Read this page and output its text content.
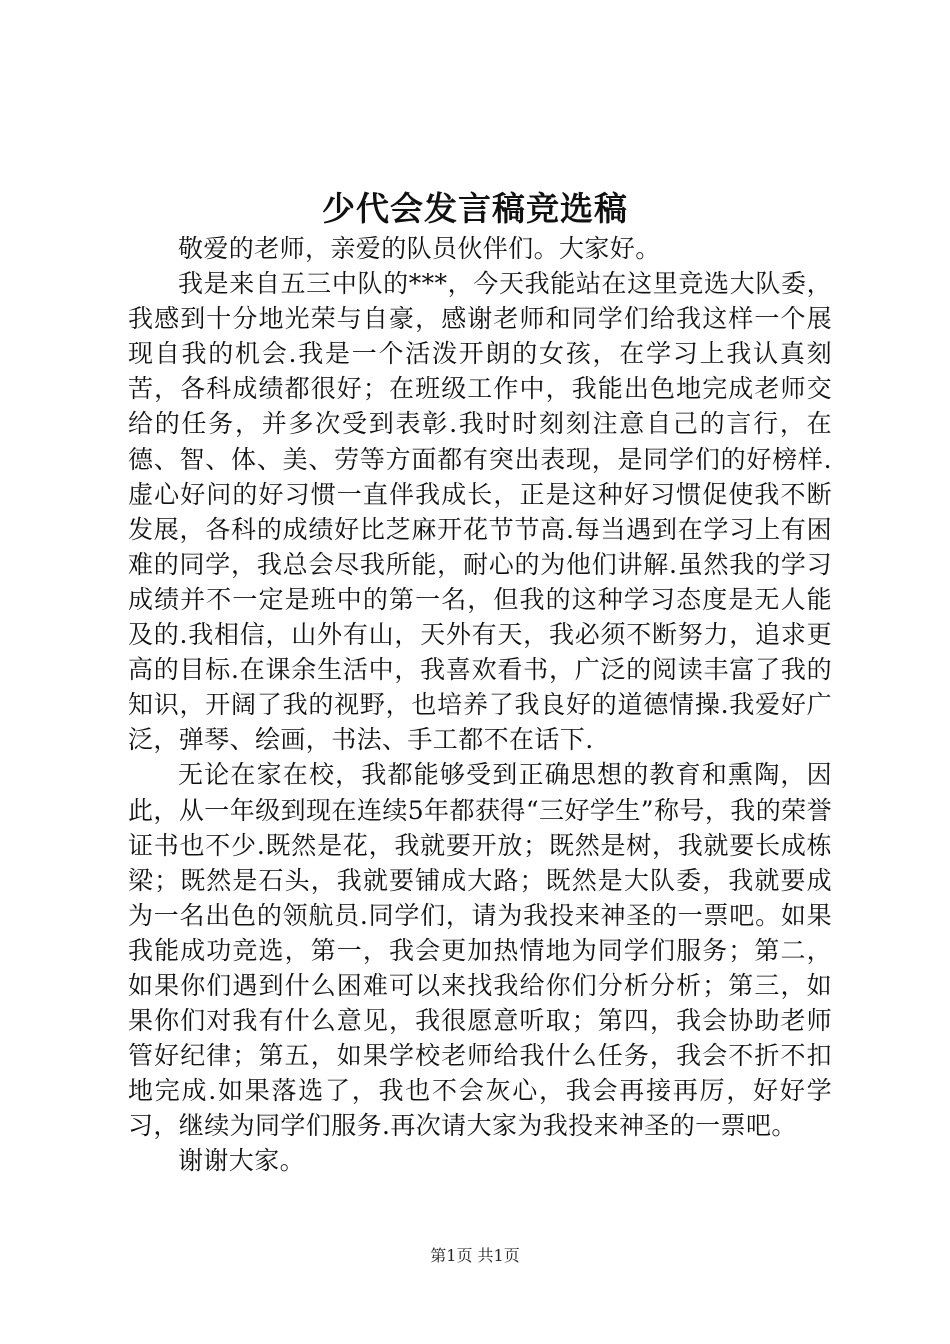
少代会发言稿竞选稿

敬爱的老师，亲爱的队员伙伴们。大家好。

我是来自五三中队的***，今天我能站在这里竞选大队委，我感到十分地光荣与自豪，感谢老师和同学们给我这样一个展现自我的机会.我是一个活泼开朗的女孩，在学习上我认真刻苦，各科成绩都很好；在班级工作中，我能出色地完成老师交给的任务，并多次受到表彰.我时时刻刻注意自己的言行，在德、智、体、美、劳等方面都有突出表现，是同学们的好榜样.虚心好问的好习惯一直伴我成长，正是这种好习惯促使我不断发展，各科的成绩好比芝麻开花节节高.每当遇到在学习上有困难的同学，我总会尽我所能，耐心的为他们讲解.虽然我的学习成绩并不一定是班中的第一名，但我的这种学习态度是无人能及的.我相信，山外有山，天外有天，我必须不断努力，追求更高的目标.在课余生活中，我喜欢看书，广泛的阅读丰富了我的知识，开阔了我的视野，也培养了我良好的道德情操.我爱好广泛，弹琴、绘画，书法、手工都不在话下.

无论在家在校，我都能够受到正确思想的教育和熏陶，因此，从一年级到现在连续5年都获得“三好学生”称号，我的荣誉证书也不少.既然是花，我就要开放；既然是树，我就要长成栋梁；既然是石头，我就要铺成大路；既然是大队委，我就要成为一名出色的领航员.同学们，请为我投来神圣的一票吧。如果我能成功竞选，第一，我会更加热情地为同学们服务；第二，如果你们遇到什么困难可以来找我给你们分析分析；第三，如果你们对我有什么意见，我很愿意听取；第四，我会协助老师管好纪律；第五，如果学校老师给我什么任务，我会不折不扣地完成.如果落选了，我也不会灰心，我会再接再厉，好好学习，继续为同学们服务.再次请大家为我投来神圣的一票吧。

谢谢大家。

第1页 共1页
